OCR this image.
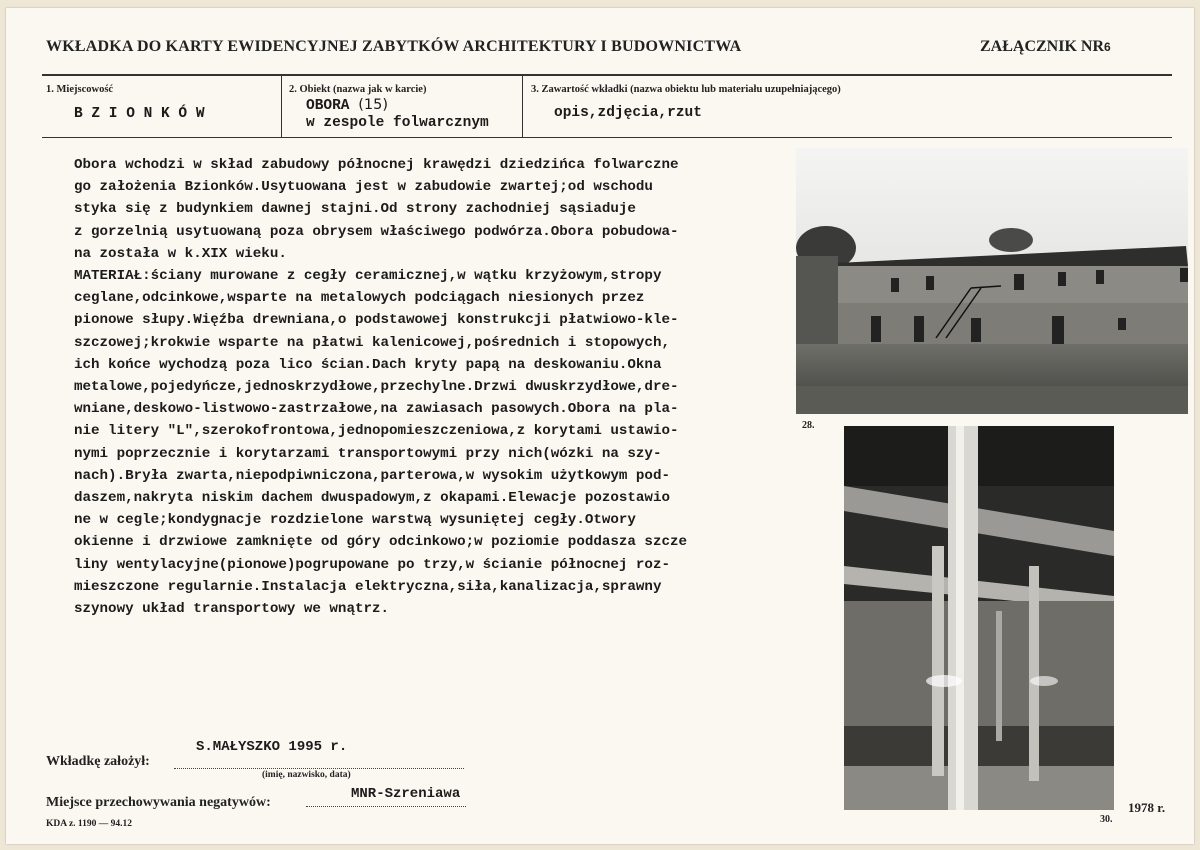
WKŁADKA DO KARTY EWIDENCYJNEJ ZABYTKÓW ARCHITEKTURY I BUDOWNICTWA	ZAŁĄCZNIK NR6
1. Miejscowość
B Z I O N K Ó W
2. Obiekt (nazwa jak w karcie)
OBORA (15)
w zespole folwarcznym
3. Zawartość wkładki (nazwa obiektu lub materiału uzupełniającego)
opis,zdjęcia,rzut
Obora wchodzi w skład zabudowy północnej krawędzi dziedzińca folwarczne
go założenia Bzionków.Usytuowana jest w zabudowie zwartej;od wschodu
styka się z budynkiem dawnej stajni.Od strony zachodniej sąsiaduje
z gorzelnią usytuowaną poza obrysem właściwego podwórza.Obora pobudowa-
na została w k.XIX wieku.
MATERIAŁ:ściany murowane z cegły ceramicznej,w wątku krzyżowym,stropy
ceglane,odcinkowe,wsparte na metalowych podciągach niesionych przez
pionowe słupy.Więźba drewniana,o podstawowej konstrukcji płatwiowo-kle-
szczowej;krokwie wsparte na płatwi kalenicowej,pośrednich i stopowych,
ich końce wychodzą poza lico ścian.Dach kryty papą na deskowaniu.Okna
metalowe,pojedyńcze,jednoskrzydłowe,przechylne.Drzwi dwuskrzydłowe,dre-
wniane,deskowo-listwowo-zastrzałowe,na zawiasach pasowych.Obora na pla-
nie litery "L",szerokofrontowa,jednopomieszczeniowa,z korytami ustawio-
nymi poprzecznie i korytarzami transportowymi przy nich(wózki na szy-
nach).Bryła zwarta,niepodpiwniczona,parterowa,w wysokim użytkowym pod-
daszem,nakryta niskim dachem dwuspadowym,z okapami.Elewacje pozostawio
ne w cegle;kondygnacje rozdzielone warstwą wysuniętej cegły.Otwory
okienne i drzwiowe zamknięte od góry odcinkowo;w poziomie poddasza szcze
liny wentylacyjne(pionowe)pogrupowane po trzy,w ścianie północnej roz-
mieszczone regularnie.Instalacja elektryczna,siła,kanalizacja,sprawny
szynowy układ transportowy we wnątrz.
28.
30.
1978 r.
Wkładkę założył:
S.MAŁYSZKO 1995 r.
(imię, nazwisko, data)
Miejsce przechowywania negatywów:
MNR-Szreniawa
KDA z. 1190 — 94.12
